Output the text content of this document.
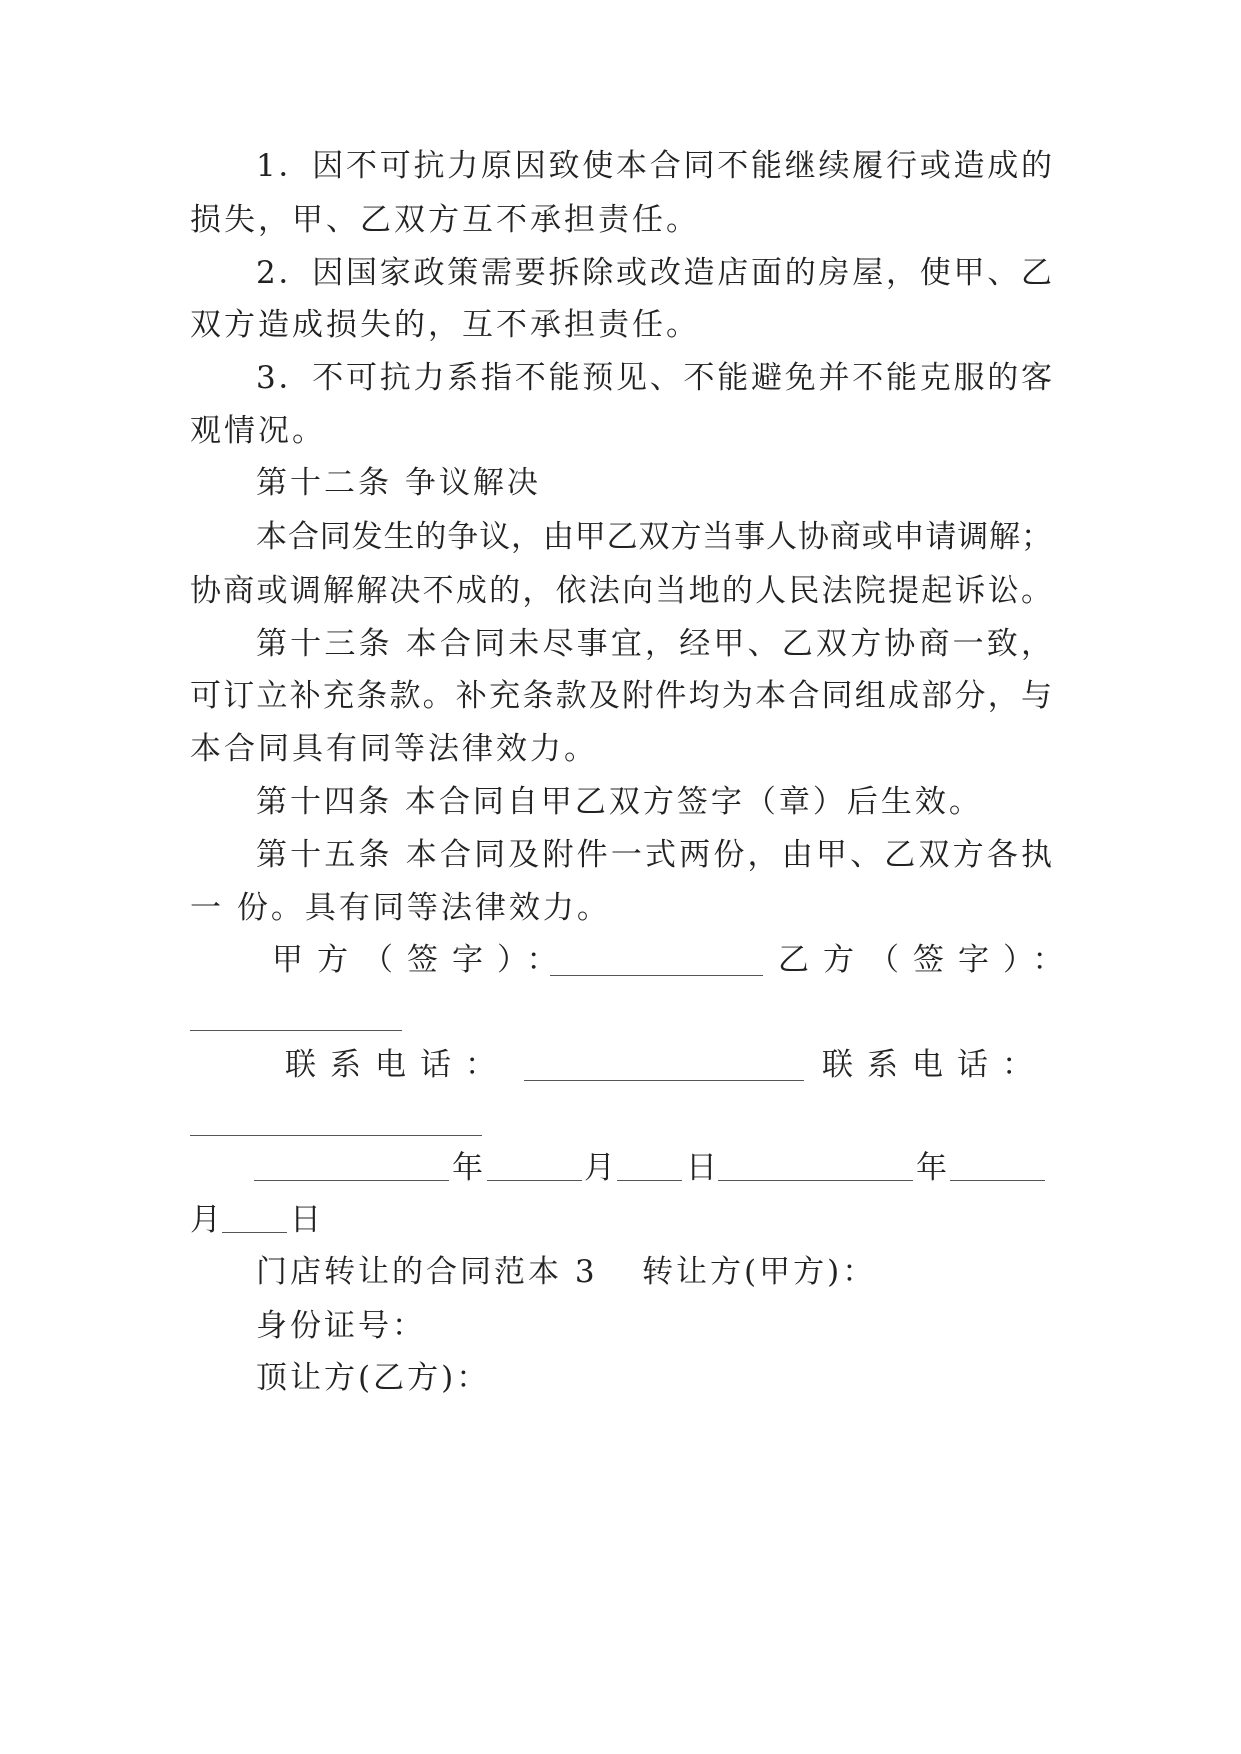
1．因不可抗力原因致使本合同不能继续履行或造成的
损失，甲、乙双方互不承担责任。
2．因国家政策需要拆除或改造店面的房屋，使甲、乙
双方造成损失的，互不承担责任。
3．不可抗力系指不能预见、不能避免并不能克服的客
观情况。
第十二条 争议解决
本合同发生的争议，由甲乙双方当事人协商或申请调解；
协商或调解解决不成的，依法向当地的人民法院提起诉讼。
第十三条 本合同未尽事宜，经甲、乙双方协商一致，
可订立补充条款。补充条款及附件均为本合同组成部分，与
本合同具有同等法律效力。
第十四条 本合同自甲乙双方签字（章）后生效。
第十五条 本合同及附件一式两份，由甲、乙双方各执
一 份。具有同等法律效力。
甲方（签字）：	乙方（签字）：
联系电话：	联系电话：
年	月 日	年
月 日
门店转让的合同范本 3 转让方(甲方)：
身份证号：
顶让方(乙方)：
